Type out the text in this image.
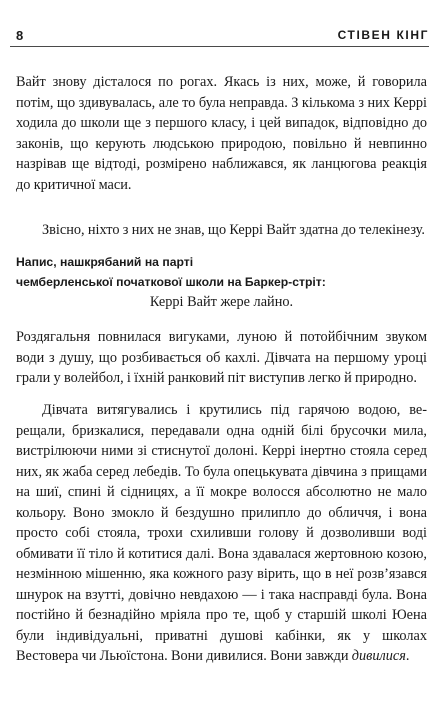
8	СТІВЕН КІНГ

Вайт знову дісталося по рогах. Якась із них, може, й говорила потім, що здивувалась, але то була неправда. З кількома з них Керрі ходила до школи ще з першого класу, і цей випадок, відповідно до законів, що керують людською природою, повільно й невпинно назрівав ще відтоді, розмірено наближався, як ланцюгова реакція до критичної маси.

Звісно, ніхто з них не знав, що Керрі Вайт здатна до телекінезу.

Напис, нашкрябаний на парті
чемберленської початкової школи на Баркер-стріт:
Керрі Вайт жере лайно.

Роздягальня повнилася вигуками, луною й потойбічним звуком води з душу, що розбивається об кахлі. Дівчата на першому уроці грали у волейбол, і їхній ранковий піт виступив легко й природно.

Дівчата витягувались і крутились під гарячою водою, верещали, бризкалися, передавали одна одній білі брусочки мила, вистрілюючи ними зі стиснутої долоні. Керрі інертно стояла серед них, як жаба серед лебедів. То була опецькувата дівчина з прищами на шиї, спині й сідницях, а її мокре волосся абсолютно не мало кольору. Воно змокло й бездушно прилипло до обличчя, і вона просто собі стояла, трохи схиливши голову й дозволивши воді обмивати її тіло й котитися далі. Вона здавалася жертовною козою, незмінною мішенню, яка кожного разу вірить, що в неї розв’язався шнурок на взутті, довічно невдахою — і така насправді була. Вона постійно й безнадійно мріяла про те, щоб у старшій школі Юена були індивідуальні, приватні душові кабінки, як у школах Вестовера чи Льюїстона. Вони дивилися. Вони завжди дивилися.
